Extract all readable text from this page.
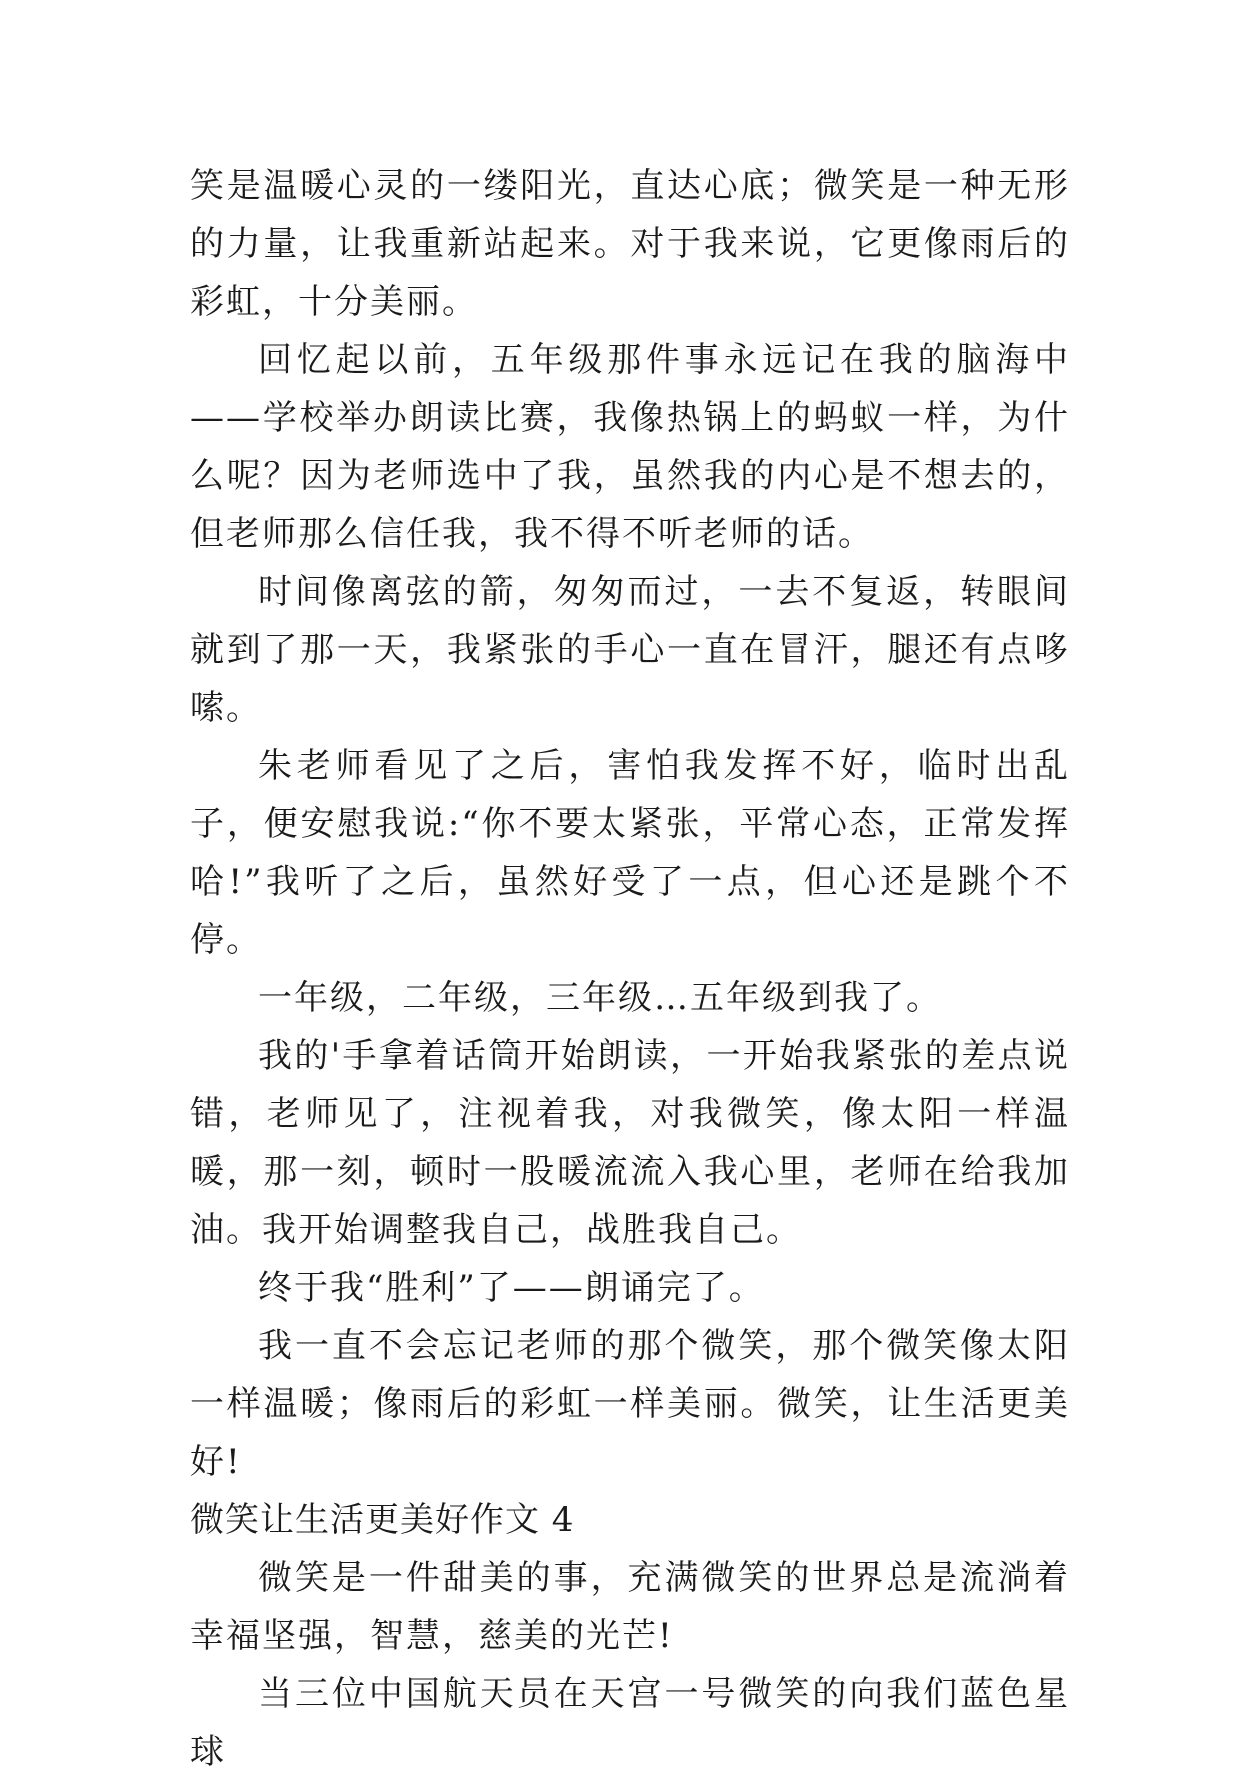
笑是温暖心灵的一缕阳光，直达心底；微笑是一种无形的力量，让我重新站起来。对于我来说，它更像雨后的彩虹，十分美丽。

回忆起以前，五年级那件事永远记在我的脑海中——学校举办朗读比赛，我像热锅上的蚂蚁一样，为什么呢？因为老师选中了我，虽然我的内心是不想去的，但老师那么信任我，我不得不听老师的话。

时间像离弦的箭，匆匆而过，一去不复返，转眼间就到了那一天，我紧张的手心一直在冒汗，腿还有点哆嗦。

朱老师看见了之后，害怕我发挥不好，临时出乱子，便安慰我说:“你不要太紧张，平常心态，正常发挥哈!”我听了之后，虽然好受了一点，但心还是跳个不停。

一年级，二年级，三年级…五年级到我了。

我的'手拿着话筒开始朗读，一开始我紧张的差点说错，老师见了，注视着我，对我微笑，像太阳一样温暖，那一刻，顿时一股暖流流入我心里，老师在给我加油。我开始调整我自己，战胜我自己。

终于我“胜利”了——朗诵完了。

我一直不会忘记老师的那个微笑，那个微笑像太阳一样温暖；像雨后的彩虹一样美丽。微笑，让生活更美好!

微笑让生活更美好作文 4

微笑是一件甜美的事，充满微笑的世界总是流淌着幸福坚强，智慧，慈美的光芒!

当三位中国航天员在天宫一号微笑的向我们蓝色星球
